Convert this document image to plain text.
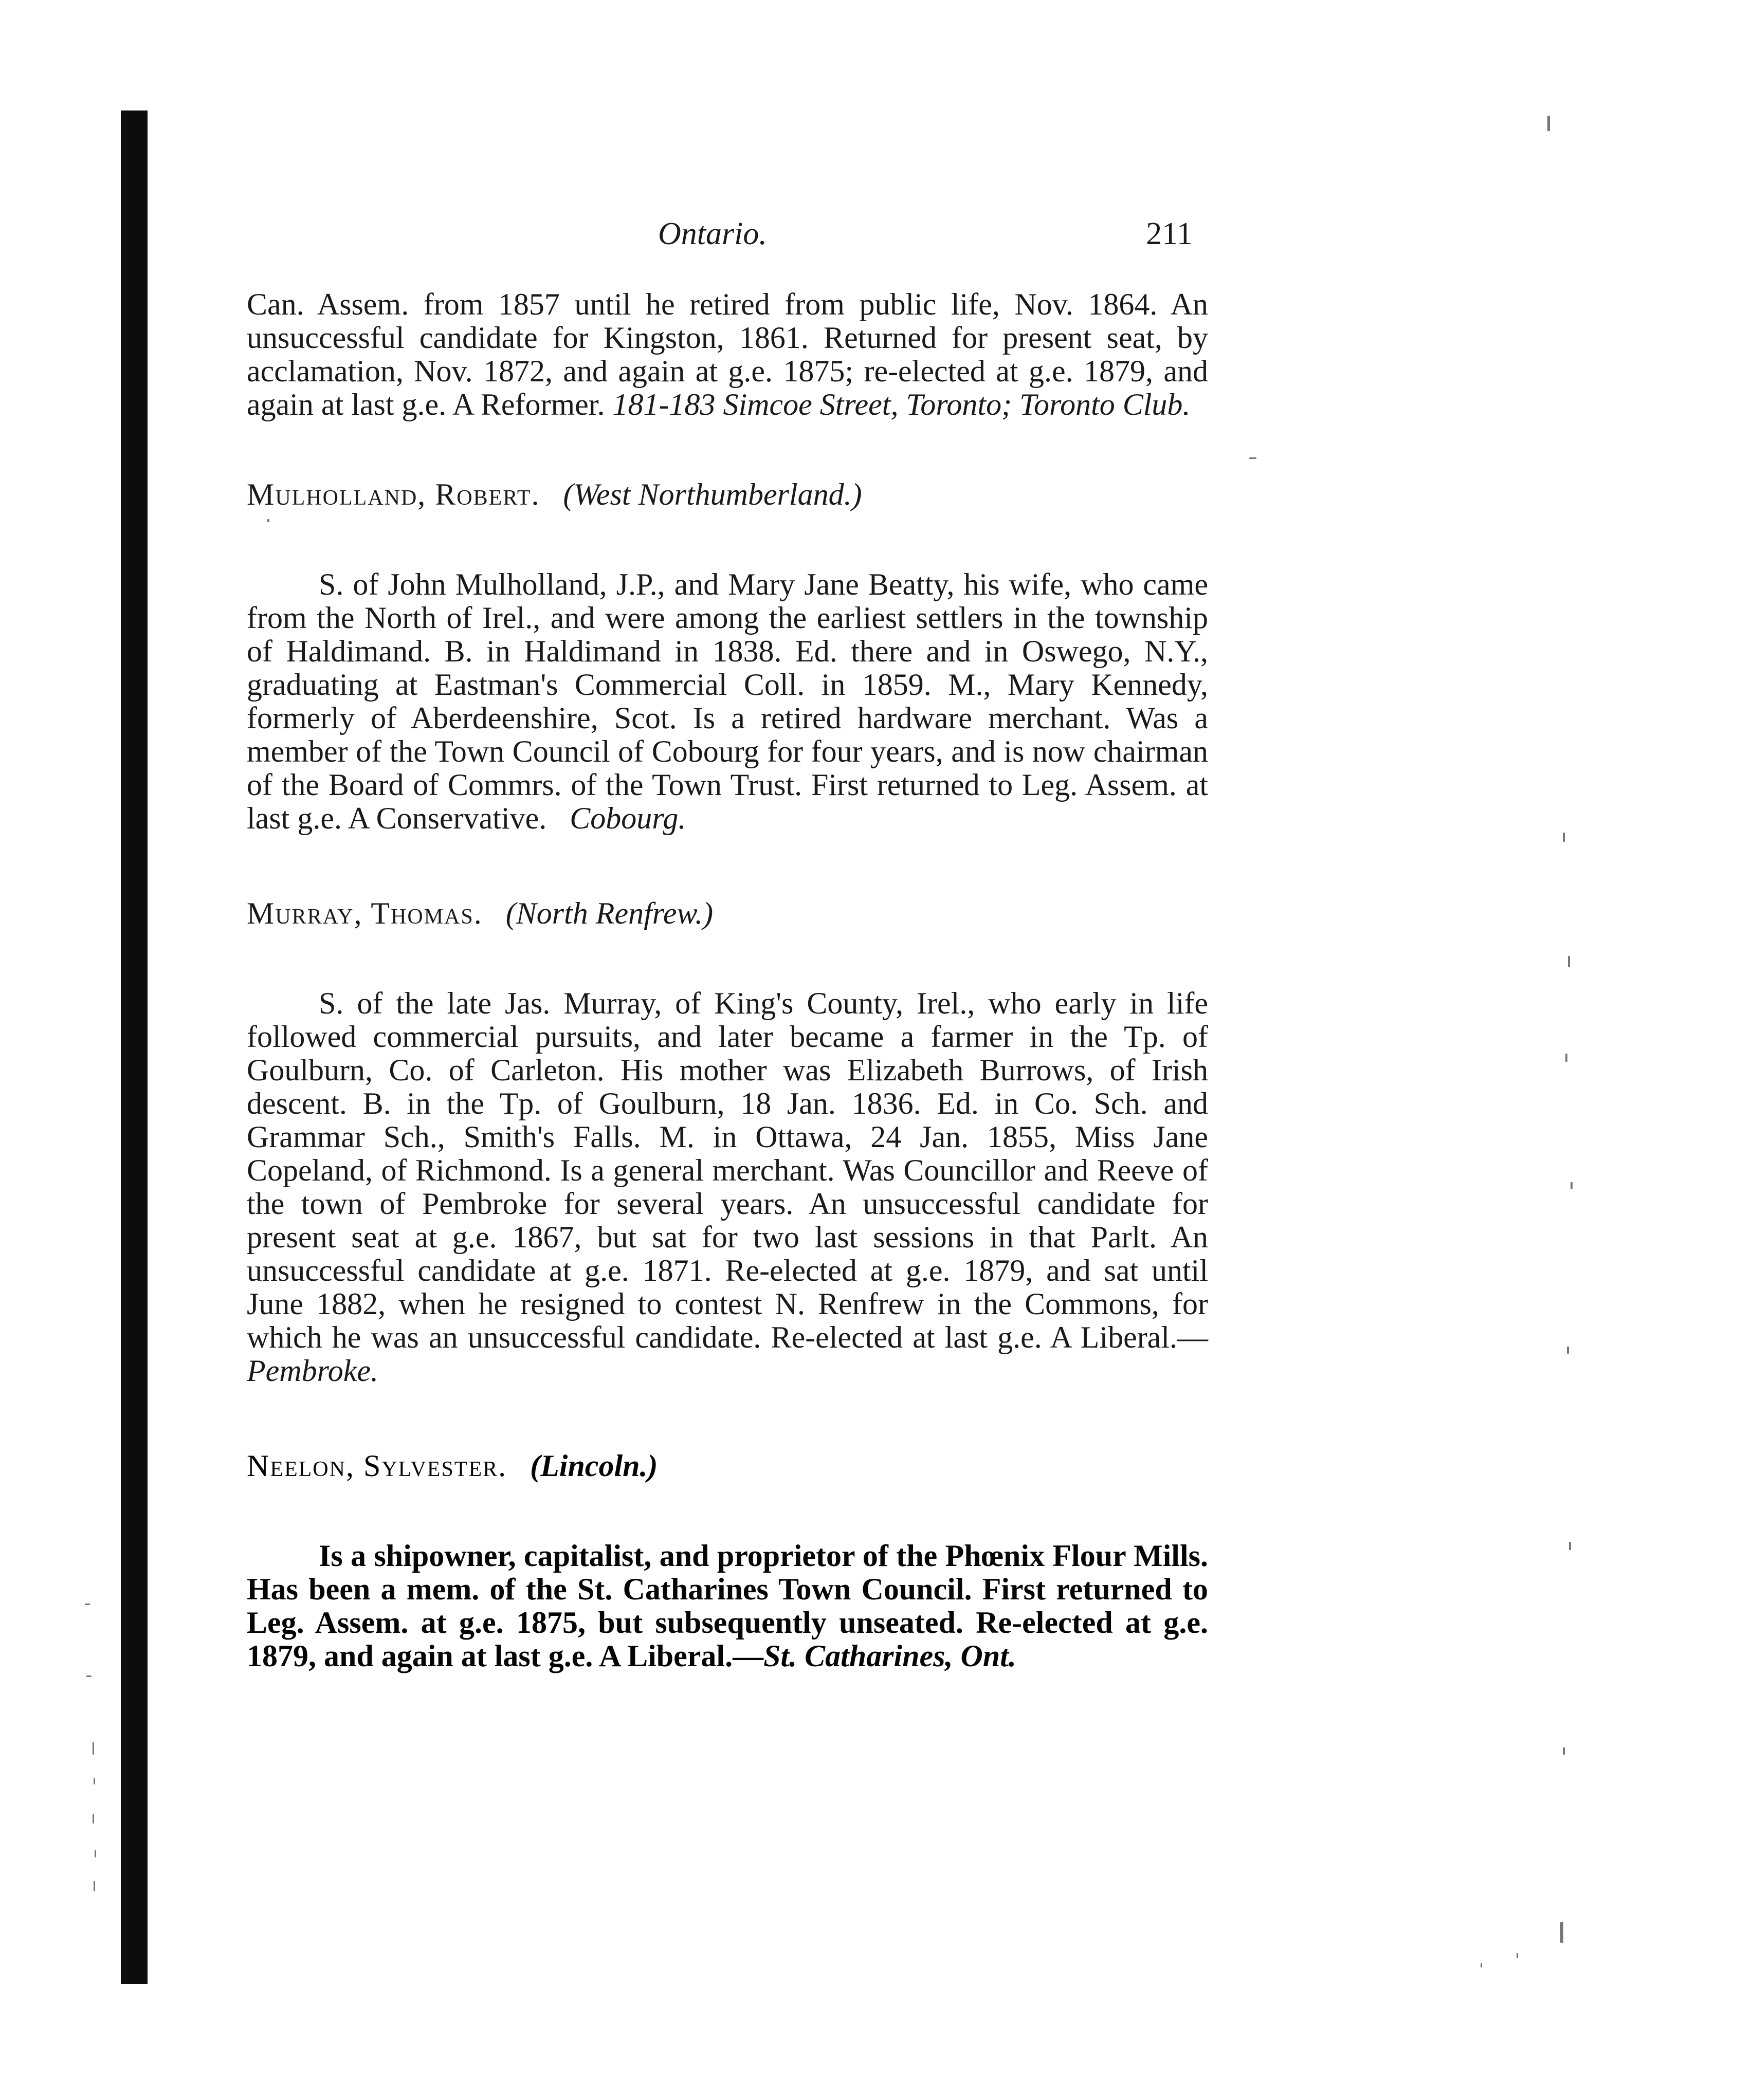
Ontario.	211

Can. Assem. from 1857 until he retired from public life, Nov. 1864. An unsuccessful candidate for Kingston, 1861. Returned for present seat, by acclamation, Nov. 1872, and again at g.e. 1875; re-elected at g.e. 1879, and again at last g.e. A Reformer. 181-183 Simcoe Street, Toronto; Toronto Club.

Mulholland, Robert. (West Northumberland.)

S. of John Mulholland, J.P., and Mary Jane Beatty, his wife, who came from the North of Irel., and were among the earliest settlers in the township of Haldimand. B. in Haldimand in 1838. Ed. there and in Oswego, N.Y., graduating at Eastman's Commercial Coll. in 1859. M., Mary Kennedy, formerly of Aberdeenshire, Scot. Is a retired hardware merchant. Was a member of the Town Council of Cobourg for four years, and is now chairman of the Board of Commrs. of the Town Trust. First returned to Leg. Assem. at last g.e. A Conservative. Cobourg.

Murray, Thomas. (North Renfrew.)

S. of the late Jas. Murray, of King's County, Irel., who early in life followed commercial pursuits, and later became a farmer in the Tp. of Goulburn, Co. of Carleton. His mother was Elizabeth Burrows, of Irish descent. B. in the Tp. of Goulburn, 18 Jan. 1836. Ed. in Co. Sch. and Grammar Sch., Smith's Falls. M. in Ottawa, 24 Jan. 1855, Miss Jane Copeland, of Richmond. Is a general merchant. Was Councillor and Reeve of the town of Pembroke for several years. An unsuccessful candidate for present seat at g.e. 1867, but sat for two last sessions in that Parlt. An unsuccessful candidate at g.e. 1871. Re-elected at g.e. 1879, and sat until June 1882, when he resigned to contest N. Renfrew in the Commons, for which he was an unsuccessful candidate. Re-elected at last g.e. A Liberal.—Pembroke.

Neelon, Sylvester. (Lincoln.)

Is a shipowner, capitalist, and proprietor of the Phœnix Flour Mills. Has been a mem. of the St. Catharines Town Council. First returned to Leg. Assem. at g.e. 1875, but subsequently unseated. Re-elected at g.e. 1879, and again at last g.e. A Liberal.—St. Catharines, Ont.
